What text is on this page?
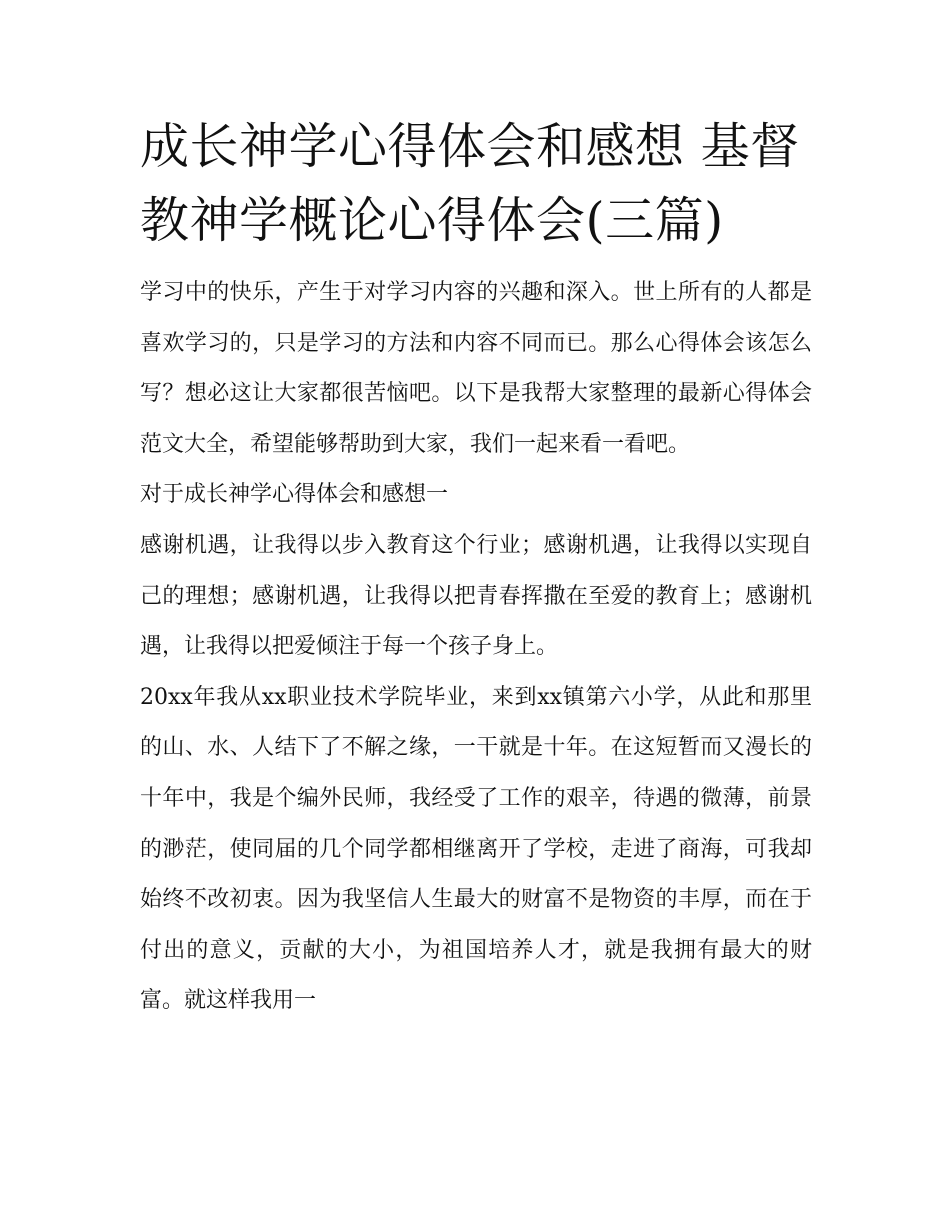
成长神学心得体会和感想 基督
教神学概论心得体会(三篇)

学习中的快乐，产生于对学习内容的兴趣和深入。世上所有的人都是喜欢学习的，只是学习的方法和内容不同而已。那么心得体会该怎么写？想必这让大家都很苦恼吧。以下是我帮大家整理的最新心得体会范文大全，希望能够帮助到大家，我们一起来看一看吧。

对于成长神学心得体会和感想一

感谢机遇，让我得以步入教育这个行业；感谢机遇，让我得以实现自己的理想；感谢机遇，让我得以把青春挥撒在至爱的教育上；感谢机遇，让我得以把爱倾注于每一个孩子身上。

20xx年我从xx职业技术学院毕业，来到xx镇第六小学，从此和那里的山、水、人结下了不解之缘，一干就是十年。在这短暂而又漫长的十年中，我是个编外民师，我经受了工作的艰辛，待遇的微薄，前景的渺茫，使同届的几个同学都相继离开了学校，走进了商海，可我却始终不改初衷。因为我坚信人生最大的财富不是物资的丰厚，而在于付出的意义，贡献的大小，为祖国培养人才，就是我拥有最大的财富。就这样我用一
